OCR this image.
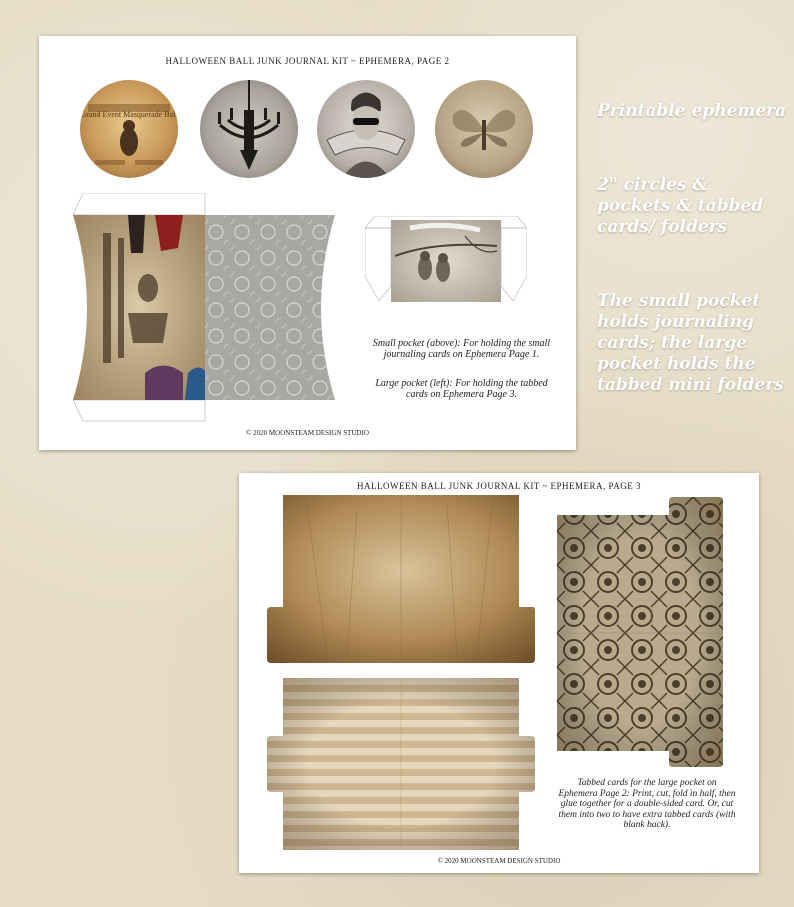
HALLOWEEN BALL JUNK JOURNAL KIT ~ EPHEMERA, PAGE 2
Grand Event Masquerade Ball
Small pocket (above): For holding the small journaling cards on Ephemera Page 1.
Large pocket (left): For holding the tabbed cards on Ephemera Page 3.
© 2020 MOONSTEAM DESIGN STUDIO
Printable ephemera
2" circles & pockets & tabbed cards/ folders
The small pocket holds journaling cards; the large pocket holds the tabbed mini folders
HALLOWEEN BALL JUNK JOURNAL KIT ~ EPHEMERA, PAGE 3
Tabbed cards for the large pocket on Ephemera Page 2: Print, cut, fold in half, then glue together for a double-sided card. Or, cut them into two to have extra tabbed cards (with blank back).
© 2020 MOONSTEAM DESIGN STUDIO
